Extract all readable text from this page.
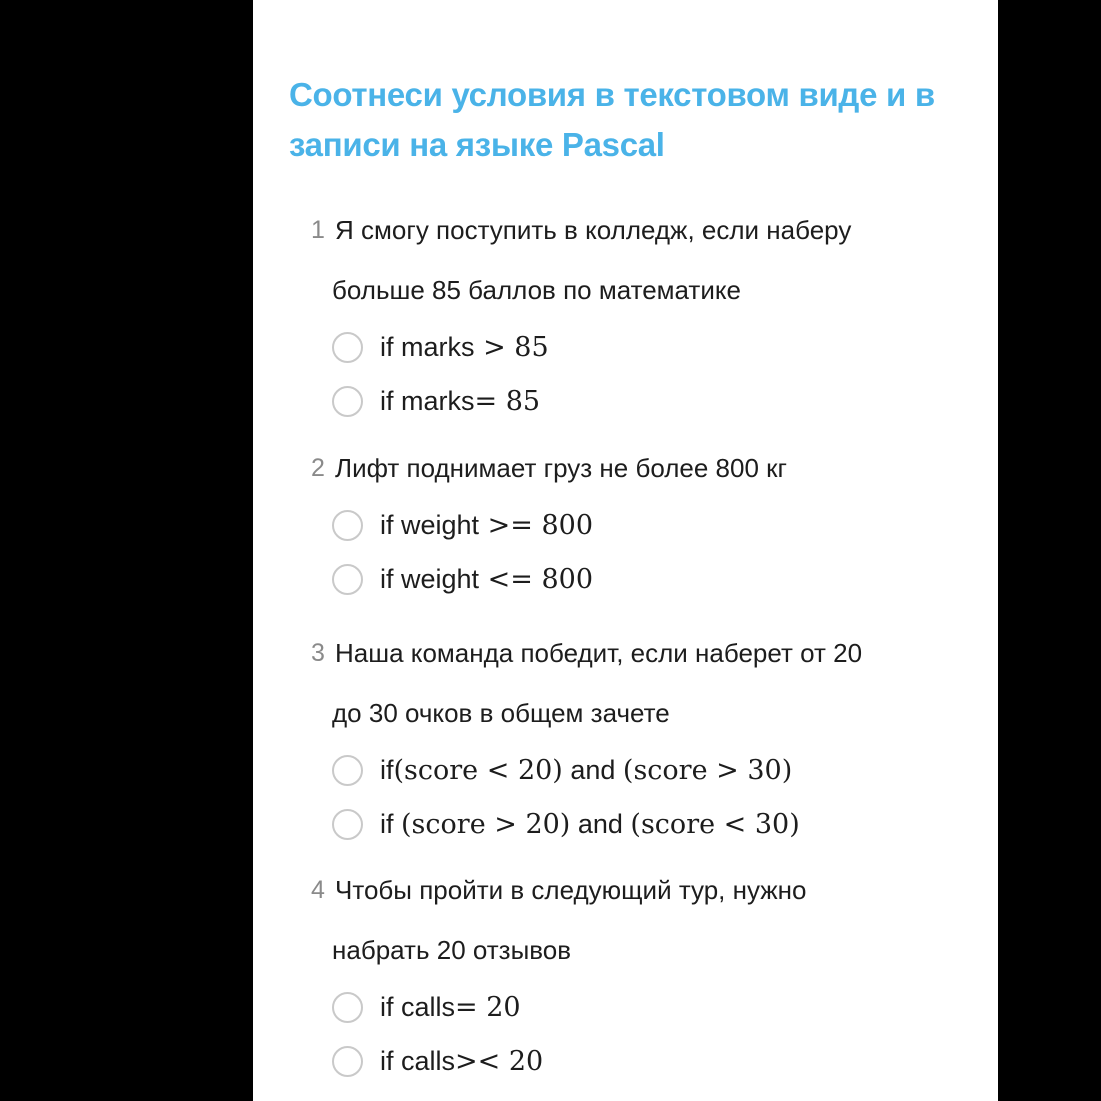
Соотнеси условия в текстовом виде и в записи на языке Pascal

1 Я смогу поступить в колледж, если наберу
больше 85 баллов по математике

if marks > 85
if marks= 85

2 Лифт поднимает груз не более 800 кг

if weight >= 800
if weight <= 800

3 Наша команда победит, если наберет от 20
до 30 очков в общем зачете

if(score < 20) and (score > 30)
if (score > 20) and (score < 30)

4 Чтобы пройти в следующий тур, нужно
набрать 20 отзывов

if calls= 20
if calls>< 20
